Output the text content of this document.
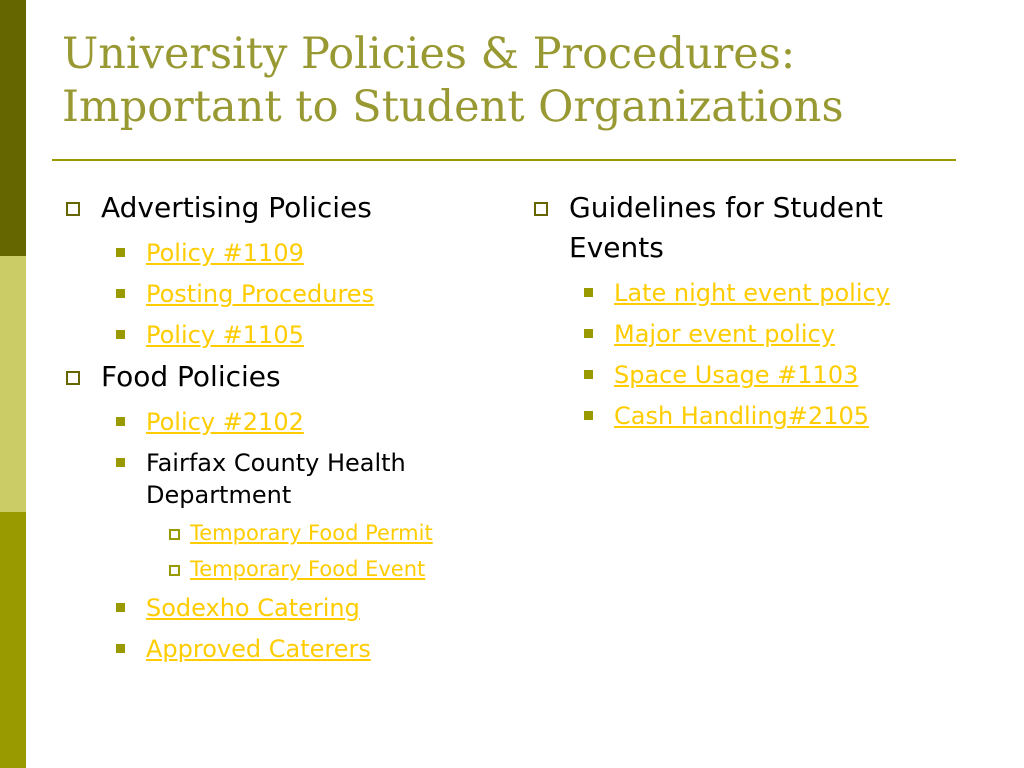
University Policies & Procedures:
Important to Student Organizations
Advertising Policies
Policy #1109
Posting Procedures
Policy #1105
Food Policies
Policy #2102
Fairfax County Health Department
Temporary Food Permit
Temporary Food Event
Sodexho Catering
Approved Caterers
Guidelines for Student Events
Late night event policy
Major event policy
Space Usage #1103
Cash Handling#2105
